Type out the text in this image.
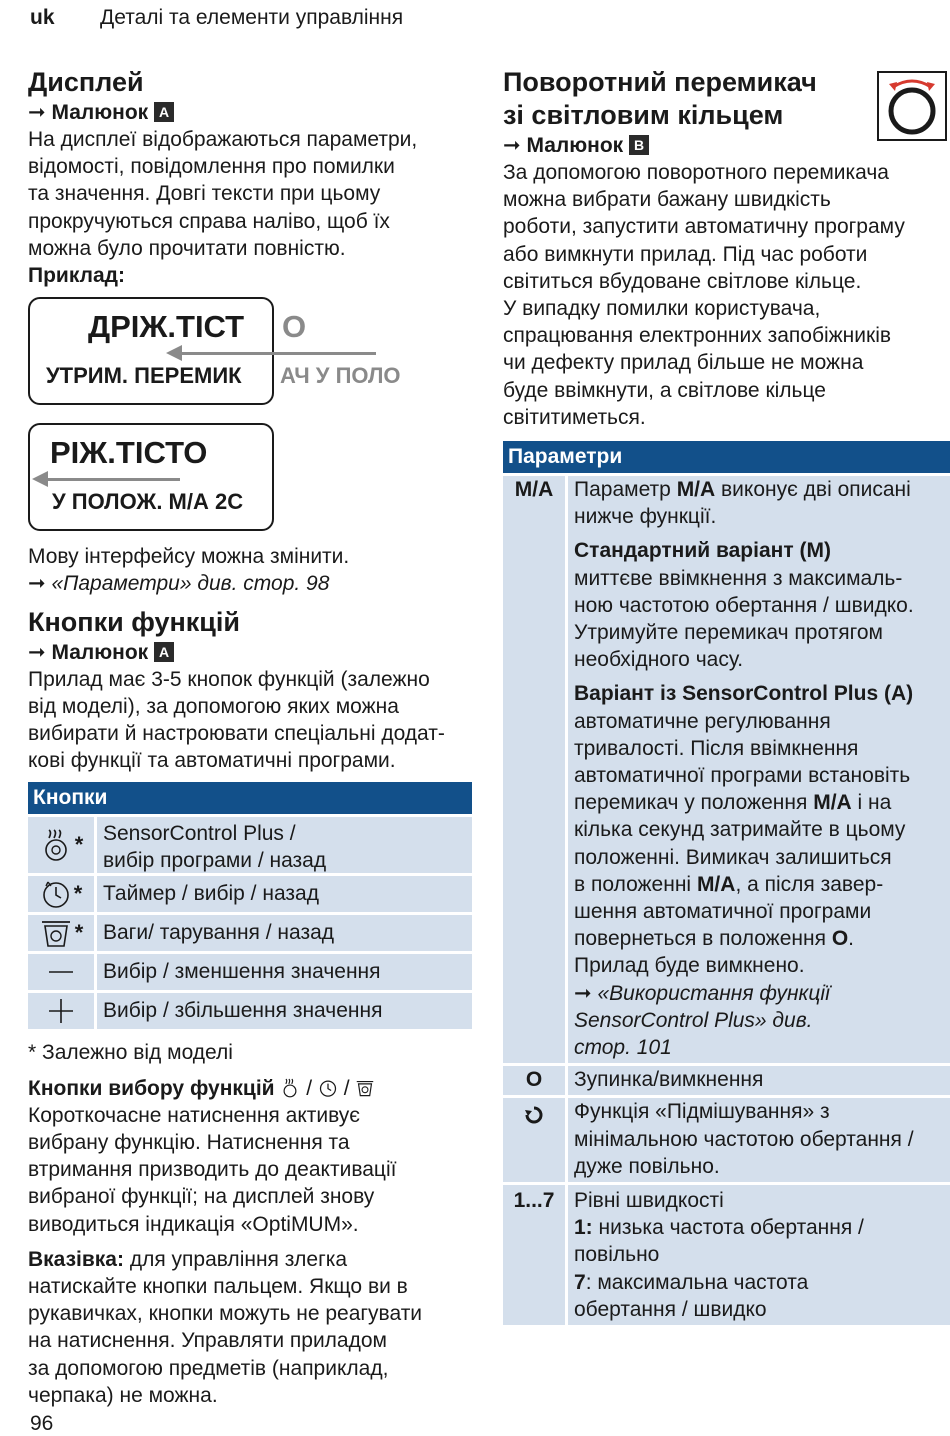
uk Деталі та елементи управління
Дисплей
➞ Малюнок A

На дисплеї відображаються параметри,

відомості, повідомлення про помилки

та значення. Довгі тексти при цьому

прокручуються справа наліво, щоб їх

можна було прочитати повністю.

Приклад:

ДРІЖ.ТІСТ О
УТРИМ. ПЕРЕМИК АЧ У ПОЛО
РІЖ.ТІСТО
У ПОЛОЖ. М/А 2С

Мову інтерфейсу можна змінити.

➞ «Параметри» див. стор. 98

Кнопки функцій
➞ Малюнок A

Прилад має 3-5 кнопок функцій (залежно

від моделі), за допомогою яких можна

вибирати й настроювати спеціальні додат-

кові функції та автоматичні програми.

Кнопки
* SensorControl Plus /
вибір програми / назад
* Таймер / вибір / назад
* Ваги/ тарування / назад
Вибір / зменшення значення
Вибір / збільшення значення

* Залежно від моделі

Кнопки вибору функцій / /

Короткочасне натиснення активує

вибрану функцію. Натиснення та

втримання призводить до деактивації

вибраної функції; на дисплей знову

виводиться індикація «OptiMUM».

Вказівка: для управління злегка

натискайте кнопки пальцем. Якщо ви в

рукавичках, кнопки можуть не реагувати

на натиснення. Управляти приладом

за допомогою предметів (наприклад,

черпака) не можна.

Поворотний перемикач
зі світловим кільцем
➞ Малюнок B

За допомогою поворотного перемикача

можна вибрати бажану швидкість

роботи, запустити автоматичну програму

або вимкнути прилад. Під час роботи

світиться вбудоване світлове кільце.

У випадку помилки користувача,

спрацювання електронних запобіжників

чи дефекту прилад більше не можна

буде ввімкнути, а світлове кільце

світитиметься.

Параметри
M/A Параметр M/A виконує дві описані

нижче функції.

Стандартний варіант (M)

миттєве ввімкнення з максималь-

ною частотою обертання / швидко.

Утримуйте перемикач протягом

необхідного часу.

Варіант із SensorControl Plus (A)

автоматичне регулювання

тривалості. Після ввімкнення

автоматичної програми встановіть

перемикач у положення M/A і на

кілька секунд затримайте в цьому

положенні. Вимикач залишиться

в положенні M/A, а після завер-

шення автоматичної програми

повернеться в положення O.

Прилад буде вимкнено.

➞ «Використання функції

SensorControl Plus» див.

стор. 101

O	Зупинка/вимкнення

Функція «Підмішування» з

мінімальною частотою обертання /

дуже повільно.

1...7 Рівні швидкості

1: низька частота обертання /

повільно

7: максимальна частота

обертання / швидко

96
